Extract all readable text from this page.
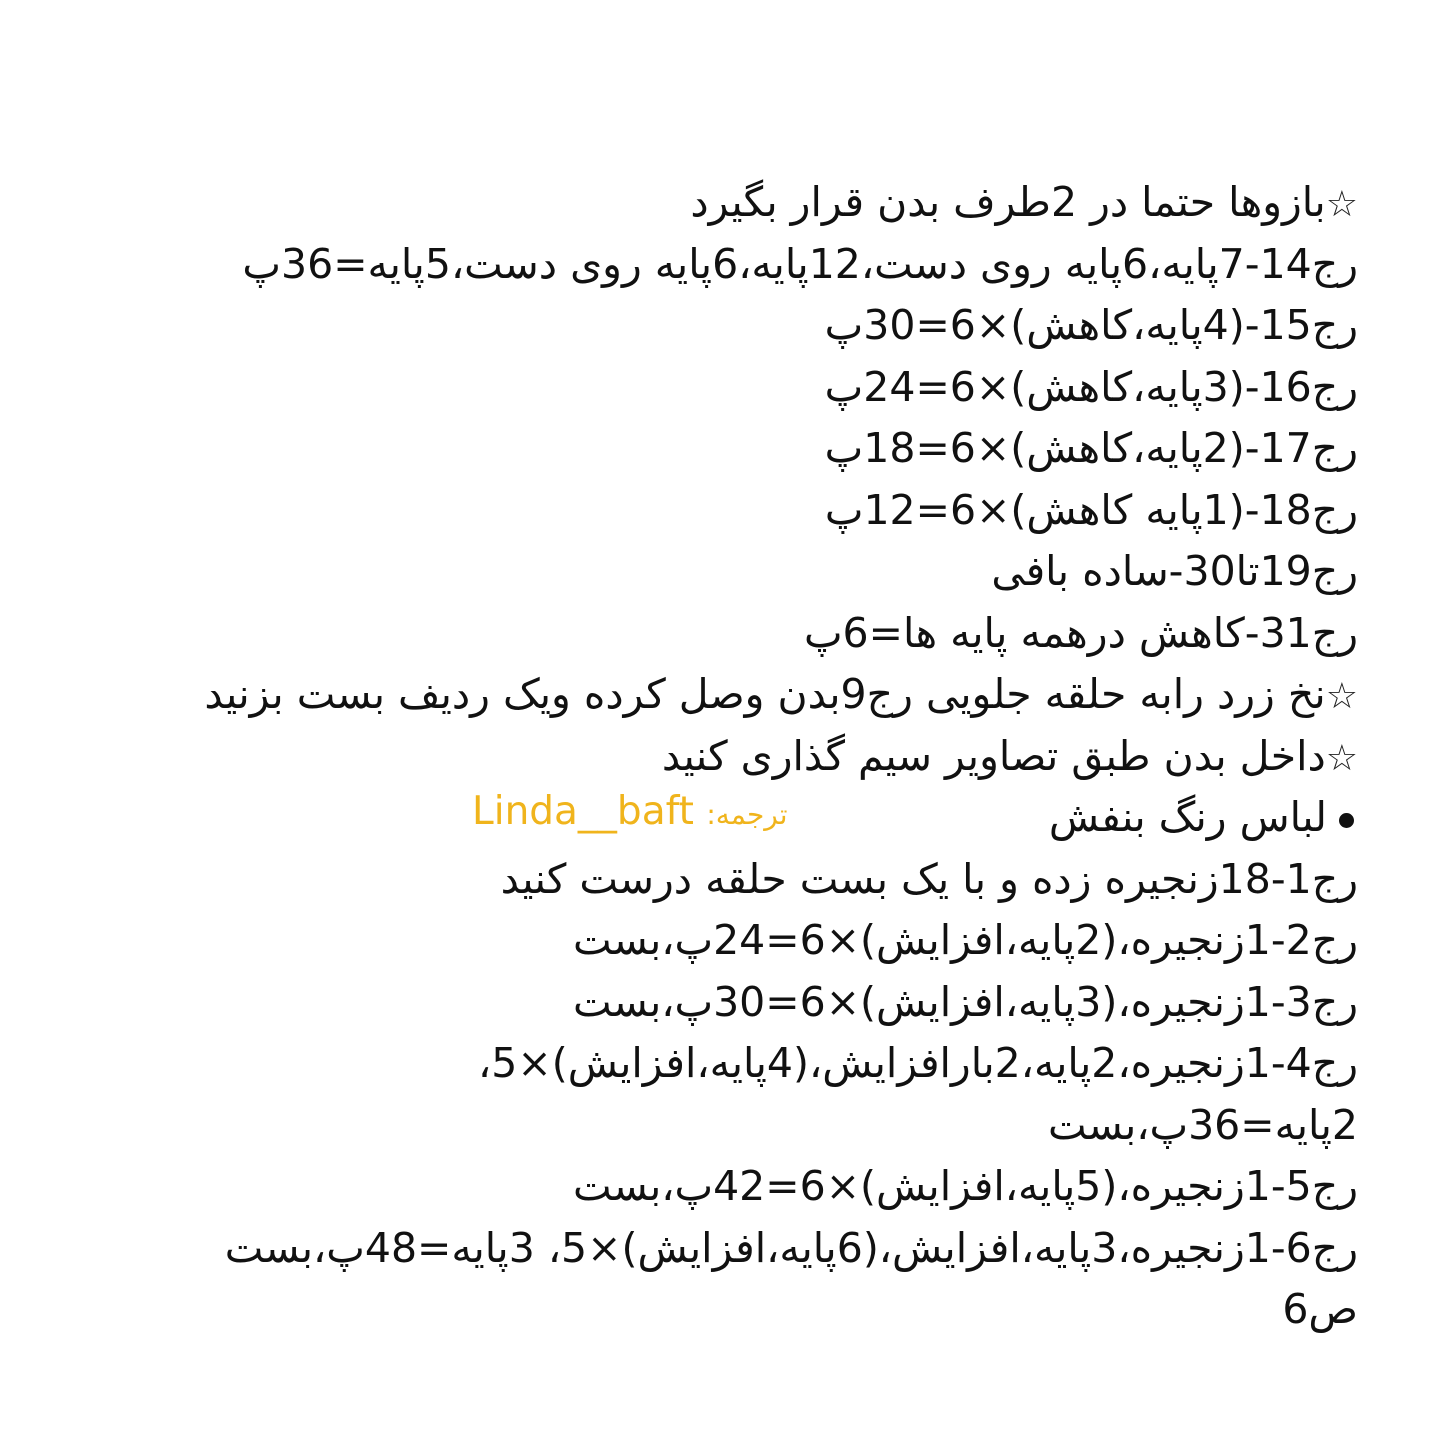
☆بازوها حتما در 2طرف بدن قرار بگیرد
رج14-7پایه،6پایه روی دست،12پایه،6پایه روی دست،5پایه=36پ
رج15-(4پایه،کاهش)×6=30پ
رج16-(3پایه،کاهش)×6=24پ
رج17-(2پایه،کاهش)×6=18پ
رج18-(1پایه کاهش)×6=12پ
رج19تا30-ساده بافی
رج31-کاهش درهمه پایه ها=6پ
☆نخ زرد رابه حلقه جلویی رج9بدن وصل کرده ویک ردیف بست بزنید
☆داخل بدن طبق تصاویر سیم گذاری کنید
لباس رنگ بنفش
ترجمه: Linda__baft
رج1-18زنجیره زده و با یک بست حلقه درست کنید
رج2-1زنجیره،(2پایه،افزایش)×6=24پ،بست
رج3-1زنجیره،(3پایه،افزایش)×6=30پ،بست
رج4-1زنجیره،2پایه،2بارافزایش،(4پایه،افزایش)×5،
2پایه=36پ،بست
رج5-1زنجیره،(5پایه،افزایش)×6=42پ،بست
رج6-1زنجیره،3پایه،افزایش،(6پایه،افزایش)×5، 3پایه=48پ،بست
ص6
